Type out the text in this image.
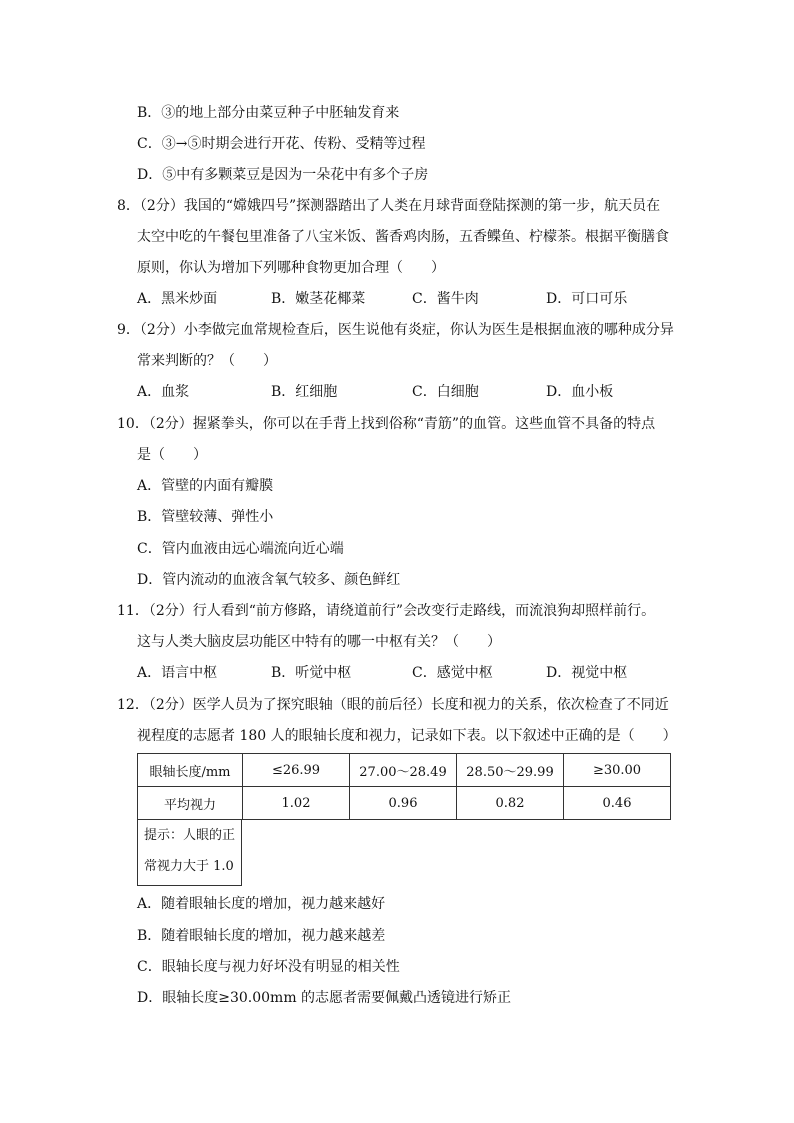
B．③的地上部分由菜豆种子中胚轴发育来
C．③→⑤时期会进行开花、传粉、受精等过程
D．⑤中有多颗菜豆是因为一朵花中有多个子房
8．（2分）我国的“嫦娥四号”探测器踏出了人类在月球背面登陆探测的第一步，航天员在
太空中吃的午餐包里准备了八宝米饭、酱香鸡肉肠，五香鲽鱼、柠檬茶。根据平衡膳食
原则，你认为增加下列哪种食物更加合理（　　）
A．黑米炒面	B．嫩茎花椰菜	C．酱牛肉	D．可口可乐
9．（2分）小李做完血常规检查后，医生说他有炎症，你认为医生是根据血液的哪种成分异
常来判断的？（　　）
A．血浆	B．红细胞	C．白细胞	D．血小板
10．（2分）握紧拳头，你可以在手背上找到俗称“青筋”的血管。这些血管不具备的特点
是（　　）
A．管壁的内面有瓣膜
B．管壁较薄、弹性小
C．管内血液由远心端流向近心端
D．管内流动的血液含氧气较多、颜色鲜红
11．（2分）行人看到“前方修路，请绕道前行”会改变行走路线，而流浪狗却照样前行。
这与人类大脑皮层功能区中特有的哪一中枢有关？（　　）
A．语言中枢	B．听觉中枢	C．感觉中枢	D．视觉中枢
12．（2分）医学人员为了探究眼轴（眼的前后径）长度和视力的关系，依次检查了不同近
视程度的志愿者 180 人的眼轴长度和视力，记录如下表。以下叙述中正确的是（　　）
眼轴长度/mm	≤26.99	27.00～28.49	28.50～29.99	≥30.00
平均视力	1.02	0.96	0.82	0.46
提示：人眼的正常视力大于 1.0
A．随着眼轴长度的增加，视力越来越好
B．随着眼轴长度的增加，视力越来越差
C．眼轴长度与视力好坏没有明显的相关性
D．眼轴长度≥30.00mm 的志愿者需要佩戴凸透镜进行矫正
